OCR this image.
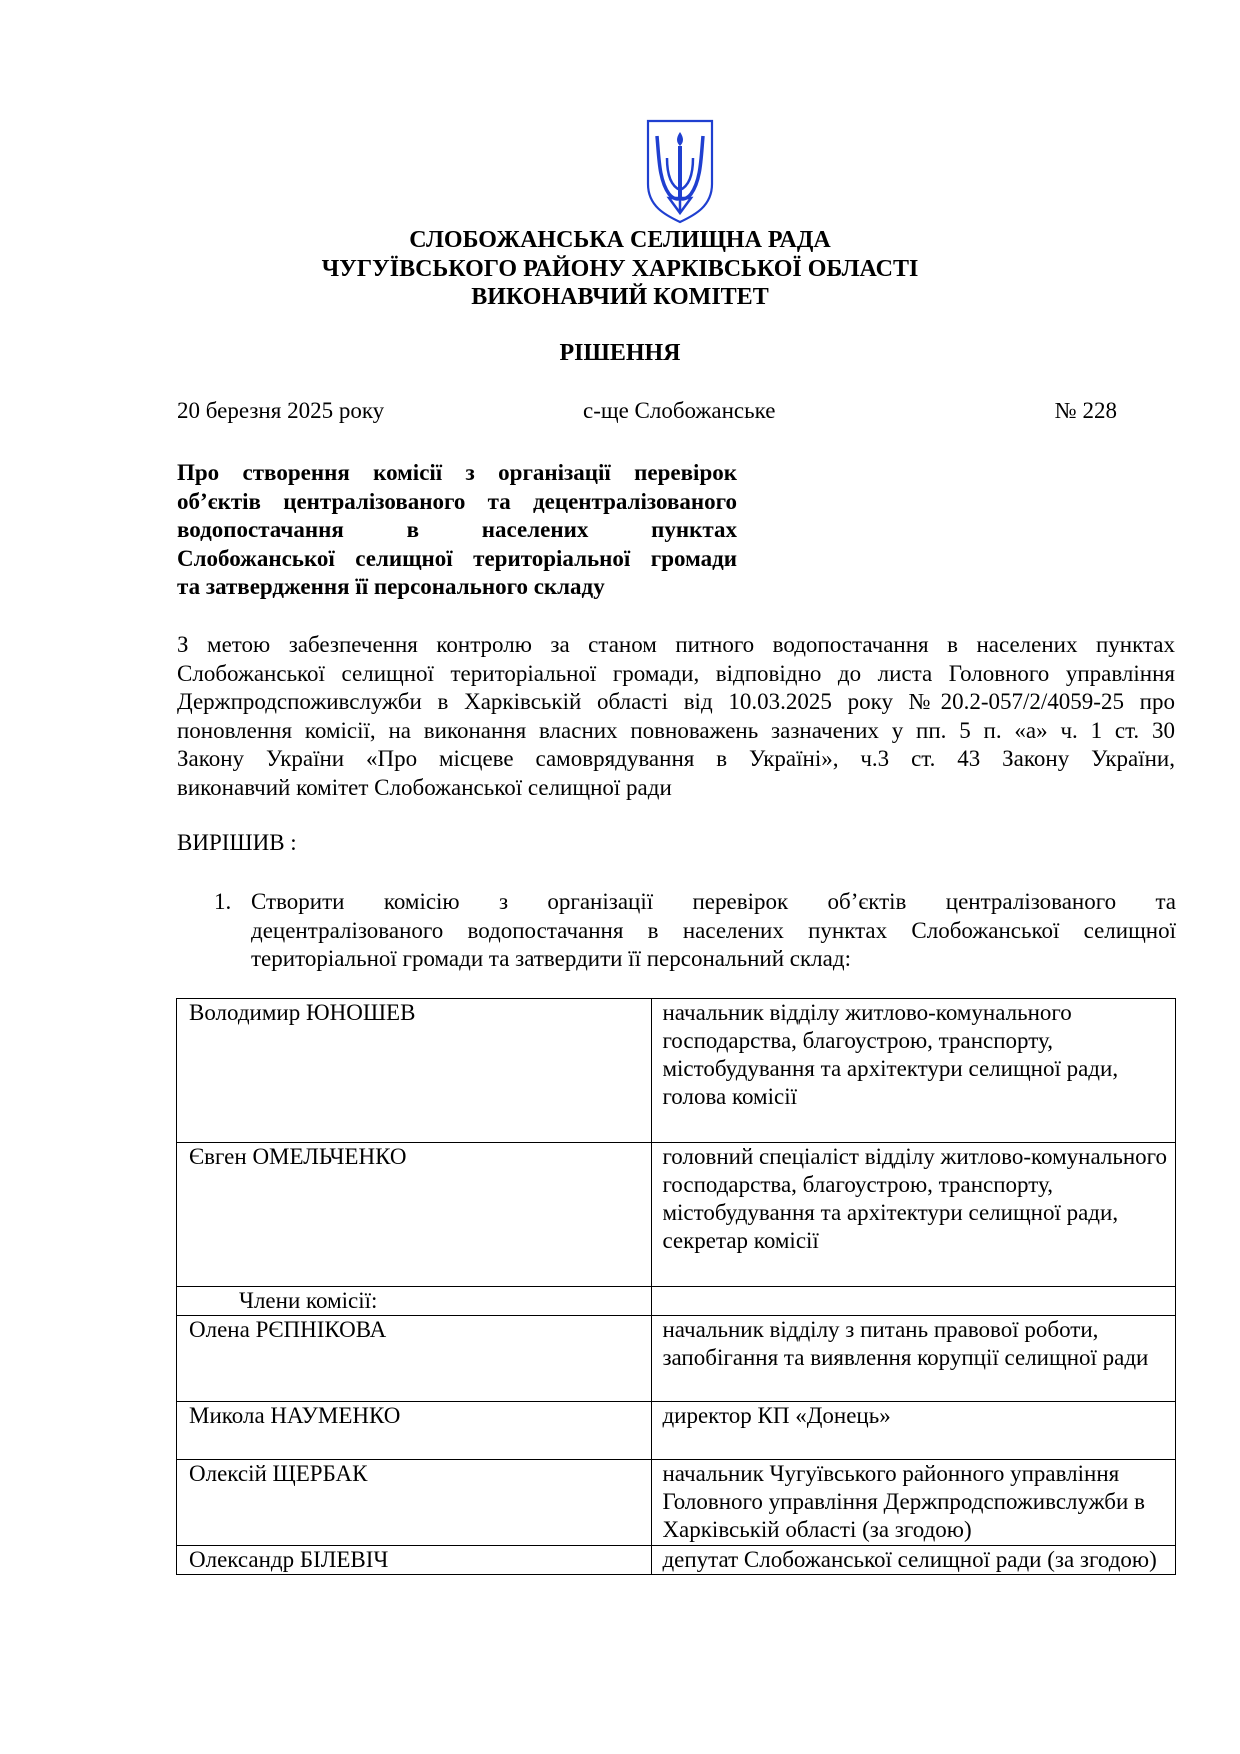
СЛОБОЖАНСЬКА СЕЛИЩНА РАДА
ЧУГУЇВСЬКОГО РАЙОНУ ХАРКІВСЬКОЇ ОБЛАСТІ
ВИКОНАВЧИЙ КОМІТЕТ
РІШЕННЯ
20 березня 2025 року	с-ще Слобожанське	№ 228
Про створення комісії з організації перевірок
об’єктів централізованого та децентралізованого
водопостачання в населених пунктах
Слобожанської селищної територіальної громади
та затвердження її персонального складу
З метою забезпечення контролю за станом питного водопостачання в населених пунктах
Слобожанської селищної територіальної громади, відповідно до листа Головного управління
Держпродспоживслужби в Харківській області від 10.03.2025 року №20.2-057/2/4059-25 про
поновлення комісії, на виконання власних повноважень зазначених у пп. 5 п. «а» ч. 1 ст. 30
Закону України «Про місцеве самоврядування в Україні», ч.3 ст. 43 Закону України,
виконавчий комітет Слобожанської селищної ради
ВИРІШИВ :
1. Створити комісію з організації перевірок об’єктів централізованого та
децентралізованого водопостачання в населених пунктах Слобожанської селищної
територіальної громади та затвердити її персональний склад:
Володимир ЮНОШЕВ	начальник відділу житлово-комунального
господарства, благоустрою, транспорту,
містобудування та архітектури селищної ради,
голова комісії

Євген ОМЕЛЬЧЕНКО	головний спеціаліст відділу житлово-комунального
господарства, благоустрою, транспорту,
містобудування та архітектури селищної ради,
секретар комісії

Члени комісії:	
Олена РЄПНІКОВА	начальник відділу з питань правової роботи,
запобігання та виявлення корупції селищної ради

Микола НАУМЕНКО	директор КП «Донець»

Олексій ЩЕРБАК	начальник Чугуївського районного управління
Головного управління Держпродспоживслужби в
Харківській області (за згодою)

Олександр БІЛЕВІЧ	депутат Слобожанської селищної ради (за згодою)
